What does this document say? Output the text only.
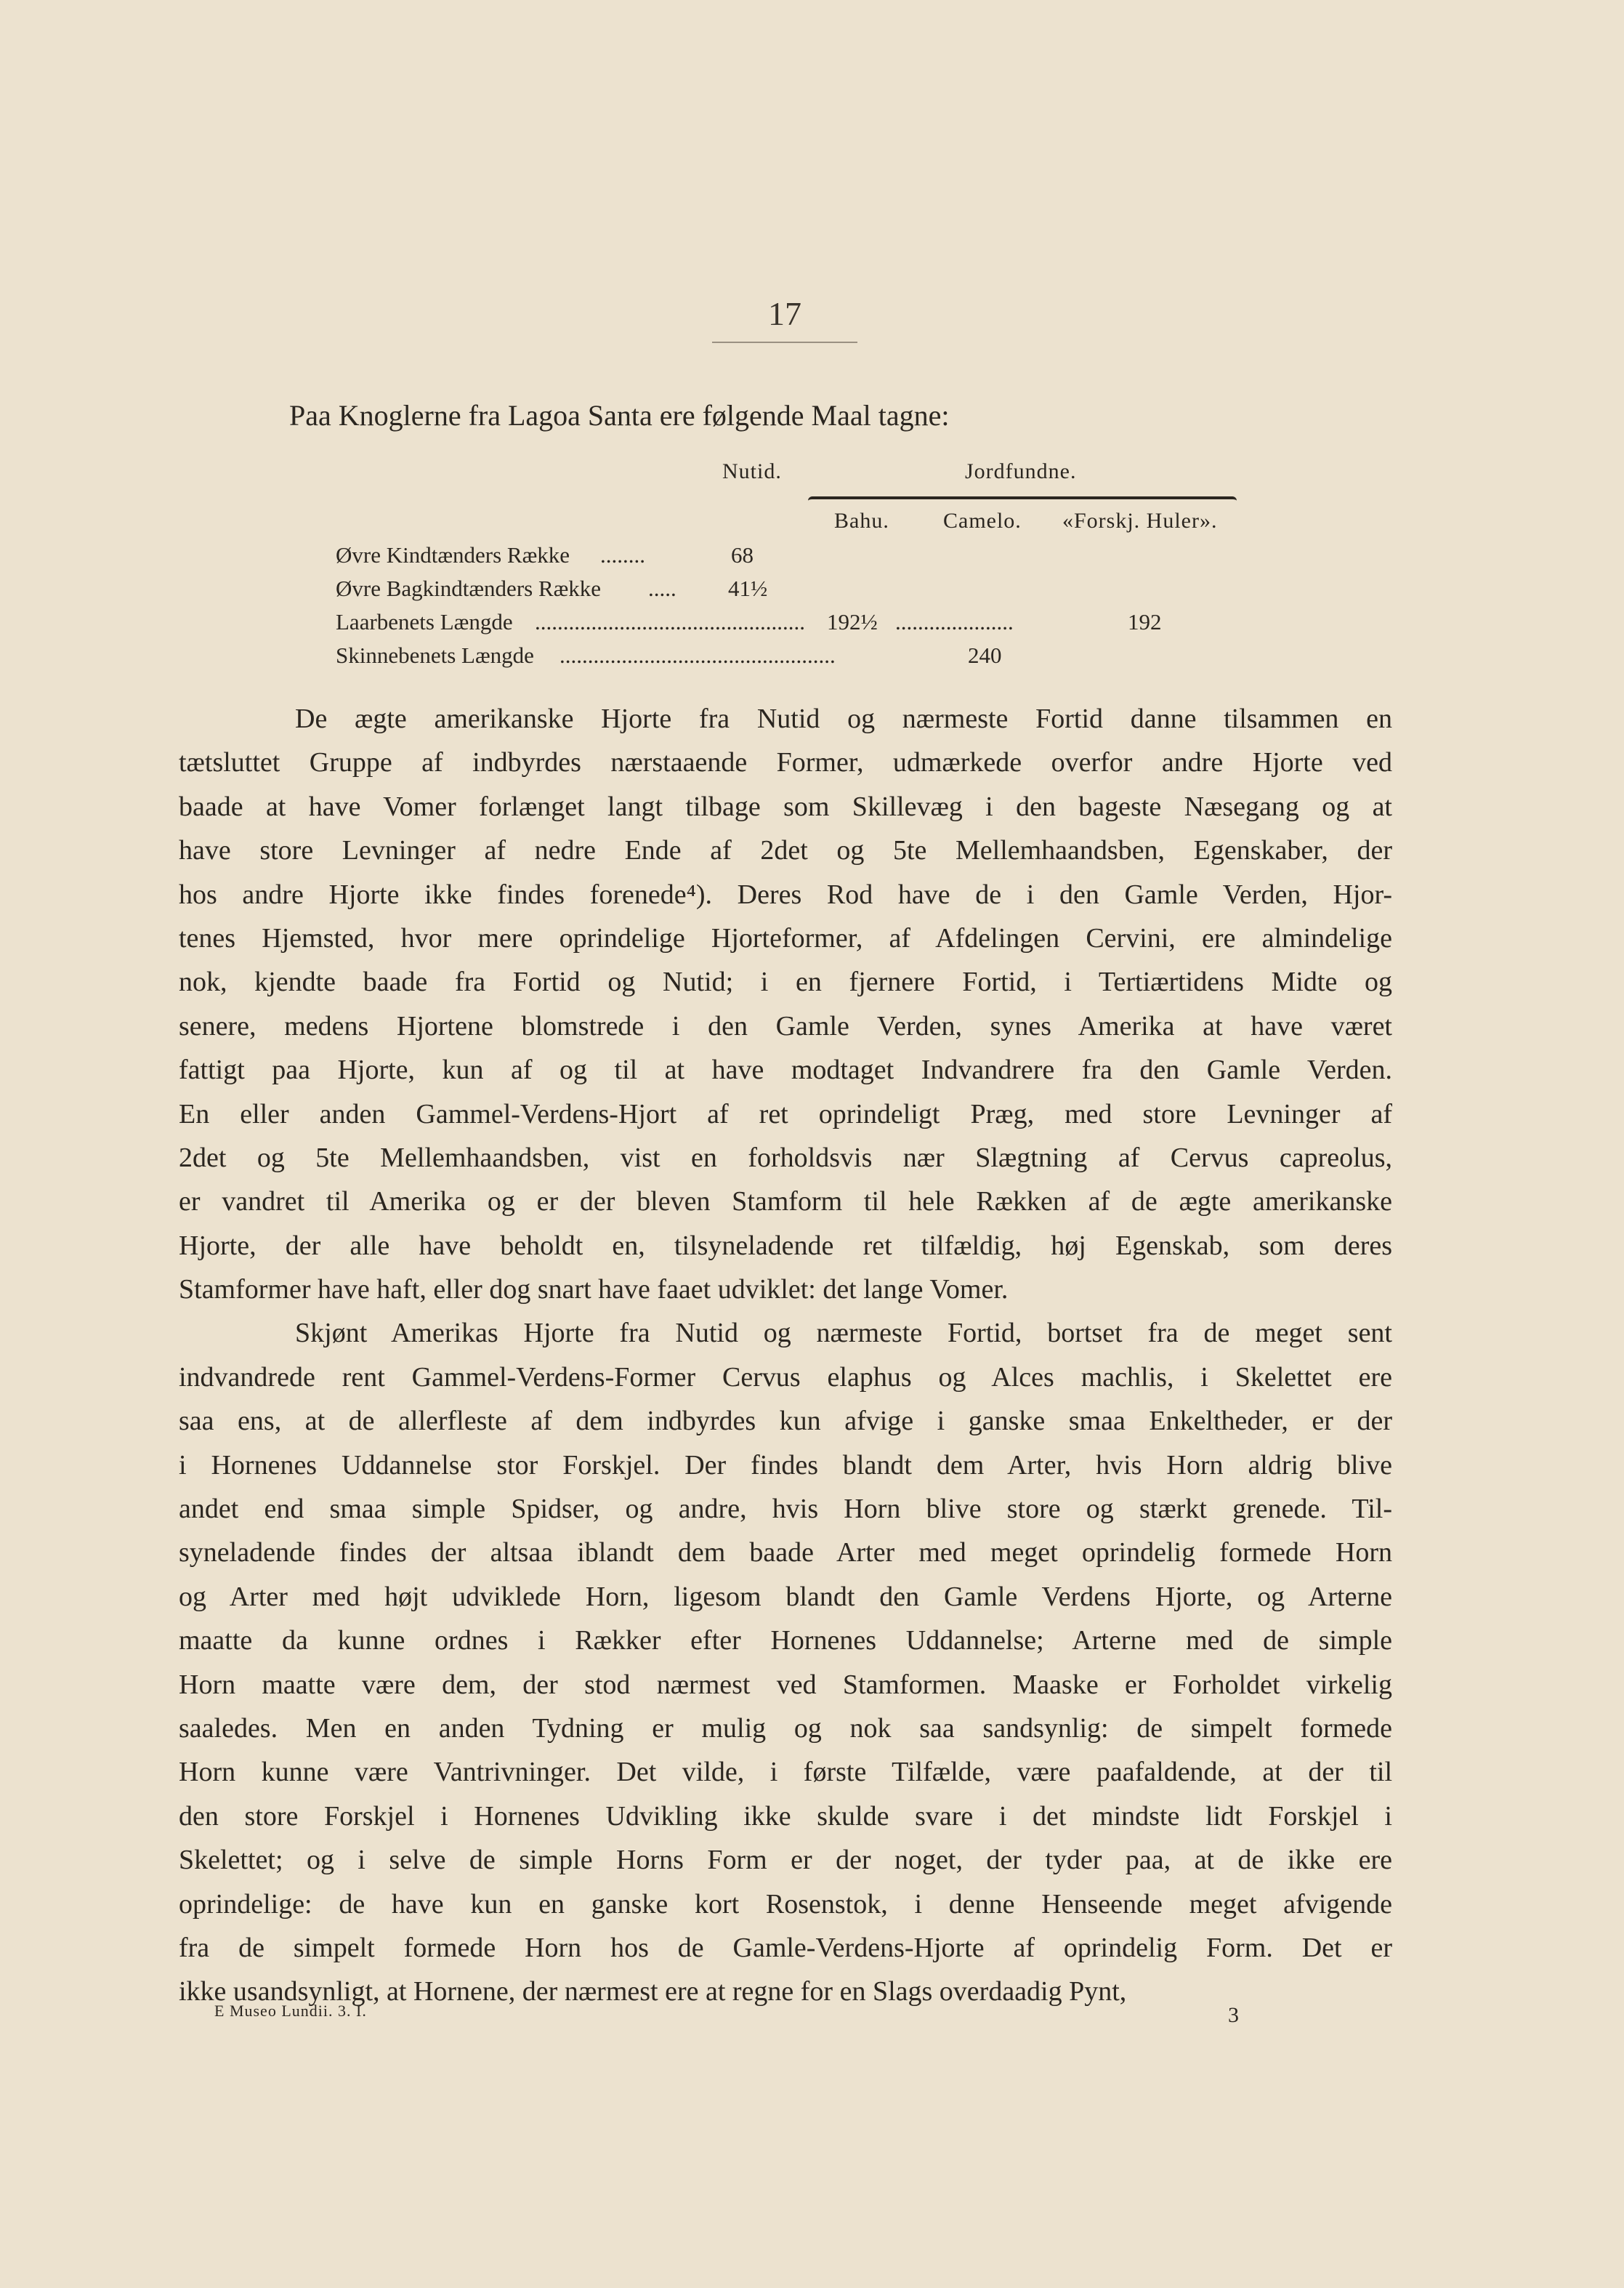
17
Paa Knoglerne fra Lagoa Santa ere følgende Maal tagne:
Nutid.	Jordfundne.
Bahu. Camelo. «Forskj. Huler».
Øvre Kindtænders Række ........	68
Øvre Bagkindtænders Række ..... 41½
Laarbenets Længde ................................................ 192½ .....................	192
Skinnebenets Længde .................................................	240
De ægte amerikanske Hjorte fra Nutid og nærmeste Fortid danne tilsammen en
tætsluttet Gruppe af indbyrdes nærstaaende Former, udmærkede overfor andre Hjorte ved
baade at have Vomer forlænget langt tilbage som Skillevæg i den bageste Næsegang og at
have store Levninger af nedre Ende af 2det og 5te Mellemhaandsben, Egenskaber, der
hos andre Hjorte ikke findes forenede⁴). Deres Rod have de i den Gamle Verden, Hjor-
tenes Hjemsted, hvor mere oprindelige Hjorteformer, af Afdelingen Cervini, ere almindelige
nok, kjendte baade fra Fortid og Nutid; i en fjernere Fortid, i Tertiærtidens Midte og
senere, medens Hjortene blomstrede i den Gamle Verden, synes Amerika at have været
fattigt paa Hjorte, kun af og til at have modtaget Indvandrere fra den Gamle Verden.
En eller anden Gammel-Verdens-Hjort af ret oprindeligt Præg, med store Levninger af
2det og 5te Mellemhaandsben, vist en forholdsvis nær Slægtning af Cervus capreolus,
er vandret til Amerika og er der bleven Stamform til hele Rækken af de ægte amerikanske
Hjorte, der alle have beholdt en, tilsyneladende ret tilfældig, høj Egenskab, som deres
Stamformer have haft, eller dog snart have faaet udviklet: det lange Vomer.
Skjønt Amerikas Hjorte fra Nutid og nærmeste Fortid, bortset fra de meget sent
indvandrede rent Gammel-Verdens-Former Cervus elaphus og Alces machlis, i Skelettet ere
saa ens, at de allerfleste af dem indbyrdes kun afvige i ganske smaa Enkeltheder, er der
i Hornenes Uddannelse stor Forskjel. Der findes blandt dem Arter, hvis Horn aldrig blive
andet end smaa simple Spidser, og andre, hvis Horn blive store og stærkt grenede. Til-
syneladende findes der altsaa iblandt dem baade Arter med meget oprindelig formede Horn
og Arter med højt udviklede Horn, ligesom blandt den Gamle Verdens Hjorte, og Arterne
maatte da kunne ordnes i Rækker efter Hornenes Uddannelse; Arterne med de simple
Horn maatte være dem, der stod nærmest ved Stamformen. Maaske er Forholdet virkelig
saaledes. Men en anden Tydning er mulig og nok saa sandsynlig: de simpelt formede
Horn kunne være Vantrivninger. Det vilde, i første Tilfælde, være paafaldende, at der til
den store Forskjel i Hornenes Udvikling ikke skulde svare i det mindste lidt Forskjel i
Skelettet; og i selve de simple Horns Form er der noget, der tyder paa, at de ikke ere
oprindelige: de have kun en ganske kort Rosenstok, i denne Henseende meget afvigende
fra de simpelt formede Horn hos de Gamle-Verdens-Hjorte af oprindelig Form. Det er
ikke usandsynligt, at Hornene, der nærmest ere at regne for en Slags overdaadig Pynt,
E Museo Lundii. 3. I.	3
